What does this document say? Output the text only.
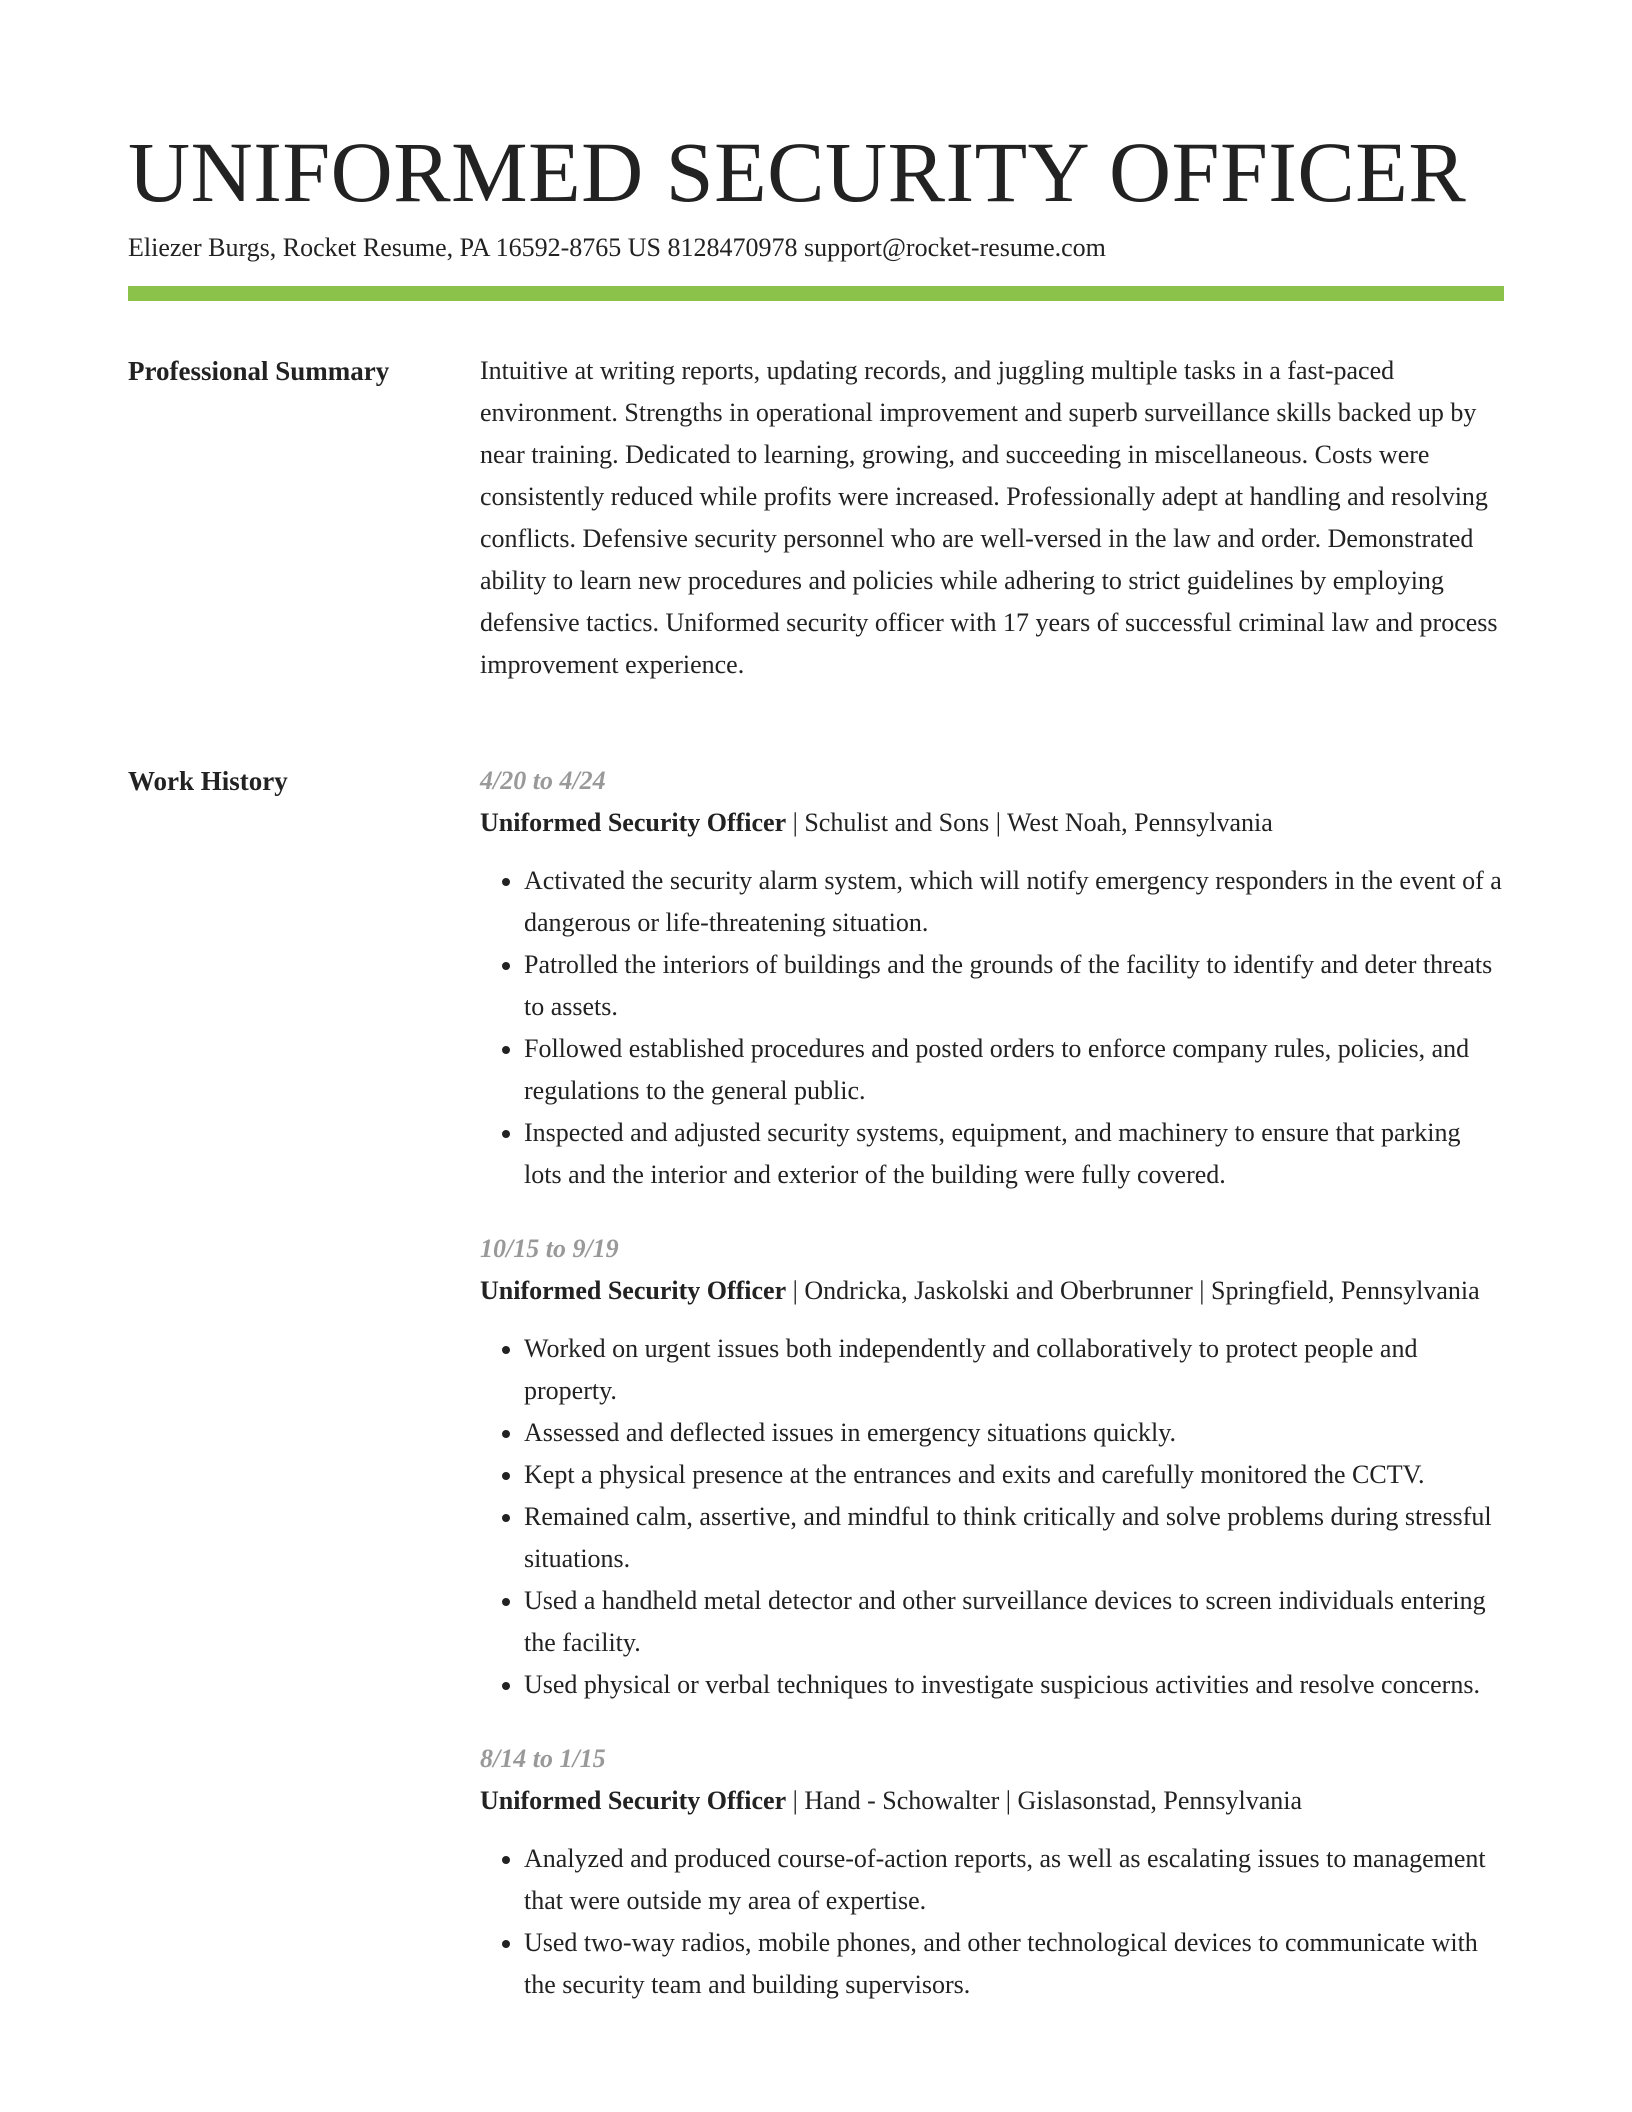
UNIFORMED SECURITY OFFICER
Eliezer Burgs, Rocket Resume, PA 16592-8765 US 8128470978 support@rocket-resume.com
Professional Summary	Intuitive at writing reports, updating records, and juggling multiple tasks in a fast-paced environment. Strengths in operational improvement and superb surveillance skills backed up by near training. Dedicated to learning, growing, and succeeding in miscellaneous. Costs were consistently reduced while profits were increased. Professionally adept at handling and resolving conflicts. Defensive security personnel who are well-versed in the law and order. Demonstrated ability to learn new procedures and policies while adhering to strict guidelines by employing defensive tactics. Uniformed security officer with 17 years of successful criminal law and process improvement experience.

Work History	4/20 to 4/24
Uniformed Security Officer | Schulist and Sons | West Noah, Pennsylvania
• Activated the security alarm system, which will notify emergency responders in the event of a dangerous or life-threatening situation.
• Patrolled the interiors of buildings and the grounds of the facility to identify and deter threats to assets.
• Followed established procedures and posted orders to enforce company rules, policies, and regulations to the general public.
• Inspected and adjusted security systems, equipment, and machinery to ensure that parking lots and the interior and exterior of the building were fully covered.
10/15 to 9/19
Uniformed Security Officer | Ondricka, Jaskolski and Oberbrunner | Springfield, Pennsylvania
• Worked on urgent issues both independently and collaboratively to protect people and property.
• Assessed and deflected issues in emergency situations quickly.
• Kept a physical presence at the entrances and exits and carefully monitored the CCTV.
• Remained calm, assertive, and mindful to think critically and solve problems during stressful situations.
• Used a handheld metal detector and other surveillance devices to screen individuals entering the facility.
• Used physical or verbal techniques to investigate suspicious activities and resolve concerns.
8/14 to 1/15
Uniformed Security Officer | Hand - Schowalter | Gislasonstad, Pennsylvania
• Analyzed and produced course-of-action reports, as well as escalating issues to management that were outside my area of expertise.
• Used two-way radios, mobile phones, and other technological devices to communicate with the security team and building supervisors.
